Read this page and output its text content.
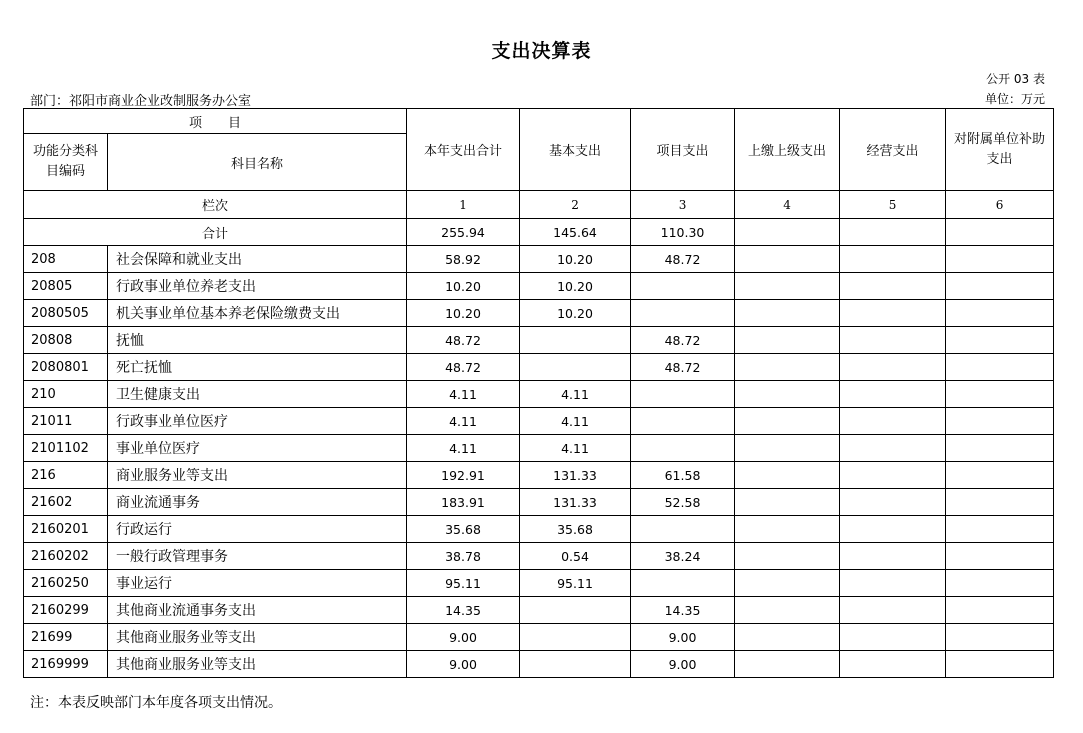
支出决算表
公开 03 表
部门：祁阳市商业企业改制服务办公室	单位：万元
项　　目		本年支出合计	基本支出	项目支出	上缴上级支出	经营支出	对附属单位补助支出
功能分类科目编码	科目名称						
栏次		1	2	3	4	5	6
合计		255.94	145.64	110.30			
208	社会保障和就业支出	58.92	10.20	48.72			
20805	行政事业单位养老支出	10.20	10.20				
2080505	机关事业单位基本养老保险缴费支出	10.20	10.20				
20808	抚恤	48.72		48.72			
2080801	死亡抚恤	48.72		48.72			
210	卫生健康支出	4.11	4.11				
21011	行政事业单位医疗	4.11	4.11				
2101102	事业单位医疗	4.11	4.11				
216	商业服务业等支出	192.91	131.33	61.58			
21602	商业流通事务	183.91	131.33	52.58			
2160201	行政运行	35.68	35.68				
2160202	一般行政管理事务	38.78	0.54	38.24			
2160250	事业运行	95.11	95.11				
2160299	其他商业流通事务支出	14.35		14.35			
21699	其他商业服务业等支出	9.00		9.00			
2169999	其他商业服务业等支出	9.00		9.00			
注：本表反映部门本年度各项支出情况。
